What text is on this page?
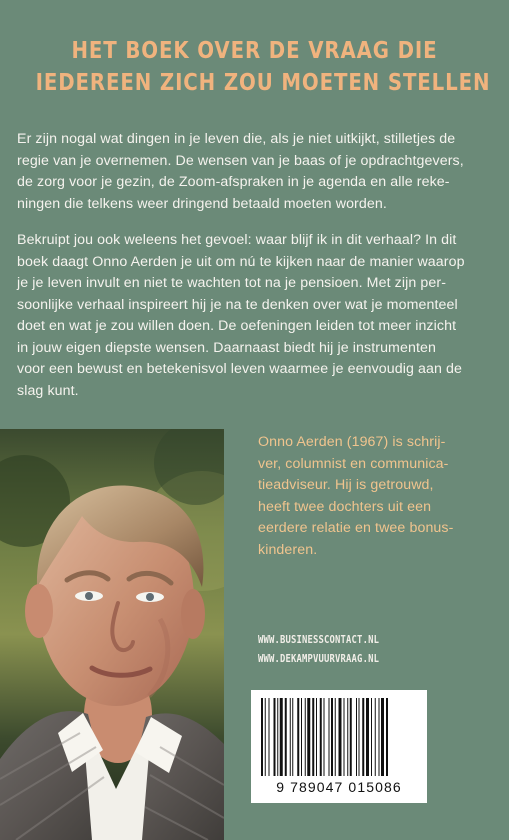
HET BOEK OVER DE VRAAG DIE
IEDEREEN ZICH ZOU MOETEN STELLEN
Er zijn nogal wat dingen in je leven die, als je niet uitkijkt, stilletjes de
regie van je overnemen. De wensen van je baas of je opdrachtgevers,
de zorg voor je gezin, de Zoom-afspraken in je agenda en alle reke-
ningen die telkens weer dringend betaald moeten worden.
Bekruipt jou ook weleens het gevoel: waar blijf ik in dit verhaal? In dit
boek daagt Onno Aerden je uit om nú te kijken naar de manier waarop
je je leven invult en niet te wachten tot na je pensioen. Met zijn per-
soonlijke verhaal inspireert hij je na te denken over wat je momenteel
doet en wat je zou willen doen. De oefeningen leiden tot meer inzicht
in jouw eigen diepste wensen. Daarnaast biedt hij je instrumenten
voor een bewust en betekenisvol leven waarmee je eenvoudig aan de
slag kunt.
Onno Aerden (1967) is schrij-
ver, columnist en communica-
tieadviseur. Hij is getrouwd,
heeft twee dochters uit een
eerdere relatie en twee bonus-
kinderen.
WWW.BUSINESSCONTACT.NL
WWW.DEKAMPVUURVRAAG.NL
9 789047 015086
